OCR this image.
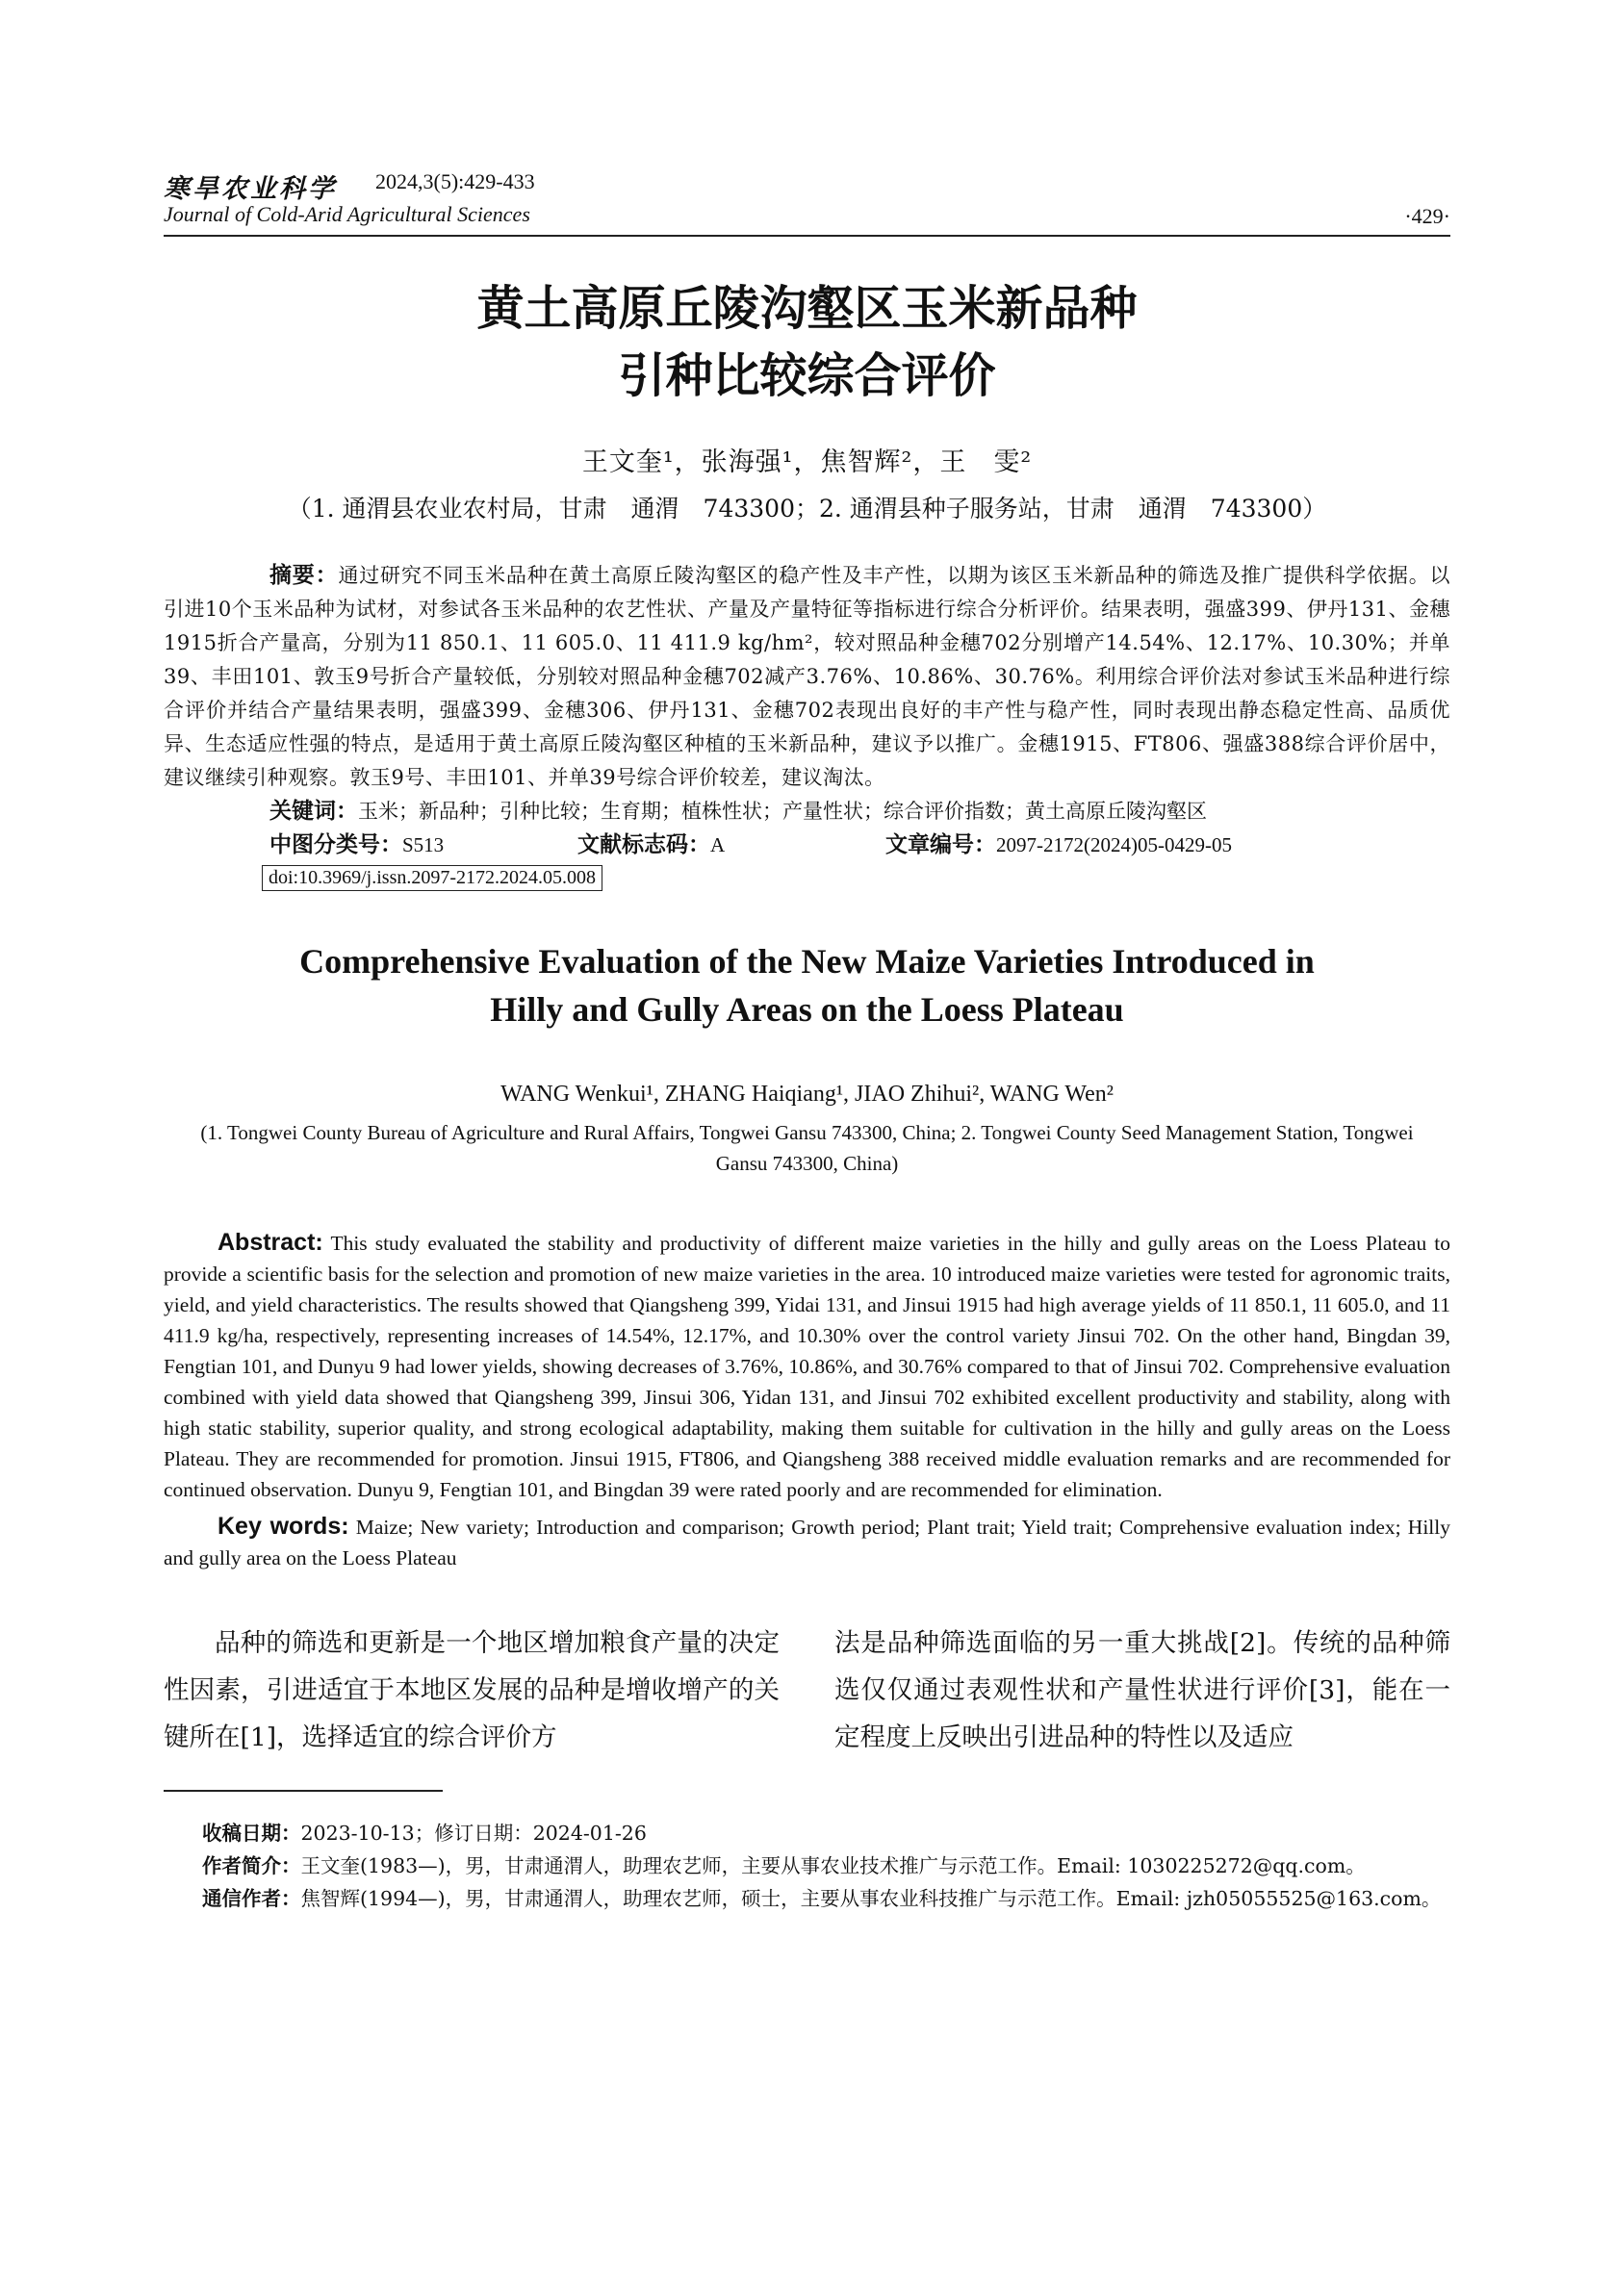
寒旱农业科学 2024,3(5):429-433
Journal of Cold-Arid Agricultural Sciences	·429·
黄土高原丘陵沟壑区玉米新品种
引种比较综合评价
王文奎¹，张海强¹，焦智辉²，王　雯²
（1. 通渭县农业农村局，甘肃　通渭　743300；2. 通渭县种子服务站，甘肃　通渭　743300）
摘要：通过研究不同玉米品种在黄土高原丘陵沟壑区的稳产性及丰产性，以期为该区玉米新品种的筛选及推广提供科学依据。以引进10个玉米品种为试材，对参试各玉米品种的农艺性状、产量及产量特征等指标进行综合分析评价。结果表明，强盛399、伊丹131、金穗1915折合产量高，分别为11 850.1、11 605.0、11 411.9 kg/hm²，较对照品种金穗702分别增产14.54%、12.17%、10.30%；并单39、丰田101、敦玉9号折合产量较低，分别较对照品种金穗702减产3.76%、10.86%、30.76%。利用综合评价法对参试玉米品种进行综合评价并结合产量结果表明，强盛399、金穗306、伊丹131、金穗702表现出良好的丰产性与稳产性，同时表现出静态稳定性高、品质优异、生态适应性强的特点，是适用于黄土高原丘陵沟壑区种植的玉米新品种，建议予以推广。金穗1915、FT806、强盛388综合评价居中，建议继续引种观察。敦玉9号、丰田101、并单39号综合评价较差，建议淘汰。
关键词：玉米；新品种；引种比较；生育期；植株性状；产量性状；综合评价指数；黄土高原丘陵沟壑区
中图分类号：S513	文献标志码：A	文章编号：2097-2172(2024)05-0429-05
doi:10.3969/j.issn.2097-2172.2024.05.008
Comprehensive Evaluation of the New Maize Varieties Introduced in
Hilly and Gully Areas on the Loess Plateau
WANG Wenkui¹, ZHANG Haiqiang¹, JIAO Zhihui², WANG Wen²
(1. Tongwei County Bureau of Agriculture and Rural Affairs, Tongwei Gansu 743300, China; 2. Tongwei County Seed Management Station, Tongwei Gansu 743300, China)
Abstract: This study evaluated the stability and productivity of different maize varieties in the hilly and gully areas on the Loess Plateau to provide a scientific basis for the selection and promotion of new maize varieties in the area. 10 introduced maize varieties were tested for agronomic traits, yield, and yield characteristics. The results showed that Qiangsheng 399, Yidai 131, and Jinsui 1915 had high average yields of 11 850.1, 11 605.0, and 11 411.9 kg/ha, respectively, representing increases of 14.54%, 12.17%, and 10.30% over the control variety Jinsui 702. On the other hand, Bingdan 39, Fengtian 101, and Dunyu 9 had lower yields, showing decreases of 3.76%, 10.86%, and 30.76% compared to that of Jinsui 702. Comprehensive evaluation combined with yield data showed that Qiangsheng 399, Jinsui 306, Yidan 131, and Jinsui 702 exhibited excellent productivity and stability, along with high static stability, superior quality, and strong ecological adaptability, making them suitable for cultivation in the hilly and gully areas on the Loess Plateau. They are recommended for promotion. Jinsui 1915, FT806, and Qiangsheng 388 received middle evaluation remarks and are recommended for continued observation. Dunyu 9, Fengtian 101, and Bingdan 39 were rated poorly and are recommended for elimination.
Key words: Maize; New variety; Introduction and comparison; Growth period; Plant trait; Yield trait; Comprehensive evaluation index; Hilly and gully area on the Loess Plateau
品种的筛选和更新是一个地区增加粮食产量的决定性因素，引进适宜于本地区发展的品种是增收增产的关键所在[1]，选择适宜的综合评价方
法是品种筛选面临的另一重大挑战[2]。传统的品种筛选仅仅通过表观性状和产量性状进行评价[3]，能在一定程度上反映出引进品种的特性以及适应
收稿日期：2023-10-13；修订日期：2024-01-26
作者简介：王文奎(1983—)，男，甘肃通渭人，助理农艺师，主要从事农业技术推广与示范工作。Email: 1030225272@qq.com。
通信作者：焦智辉(1994—)，男，甘肃通渭人，助理农艺师，硕士，主要从事农业科技推广与示范工作。Email: jzh05055525@163.com。
